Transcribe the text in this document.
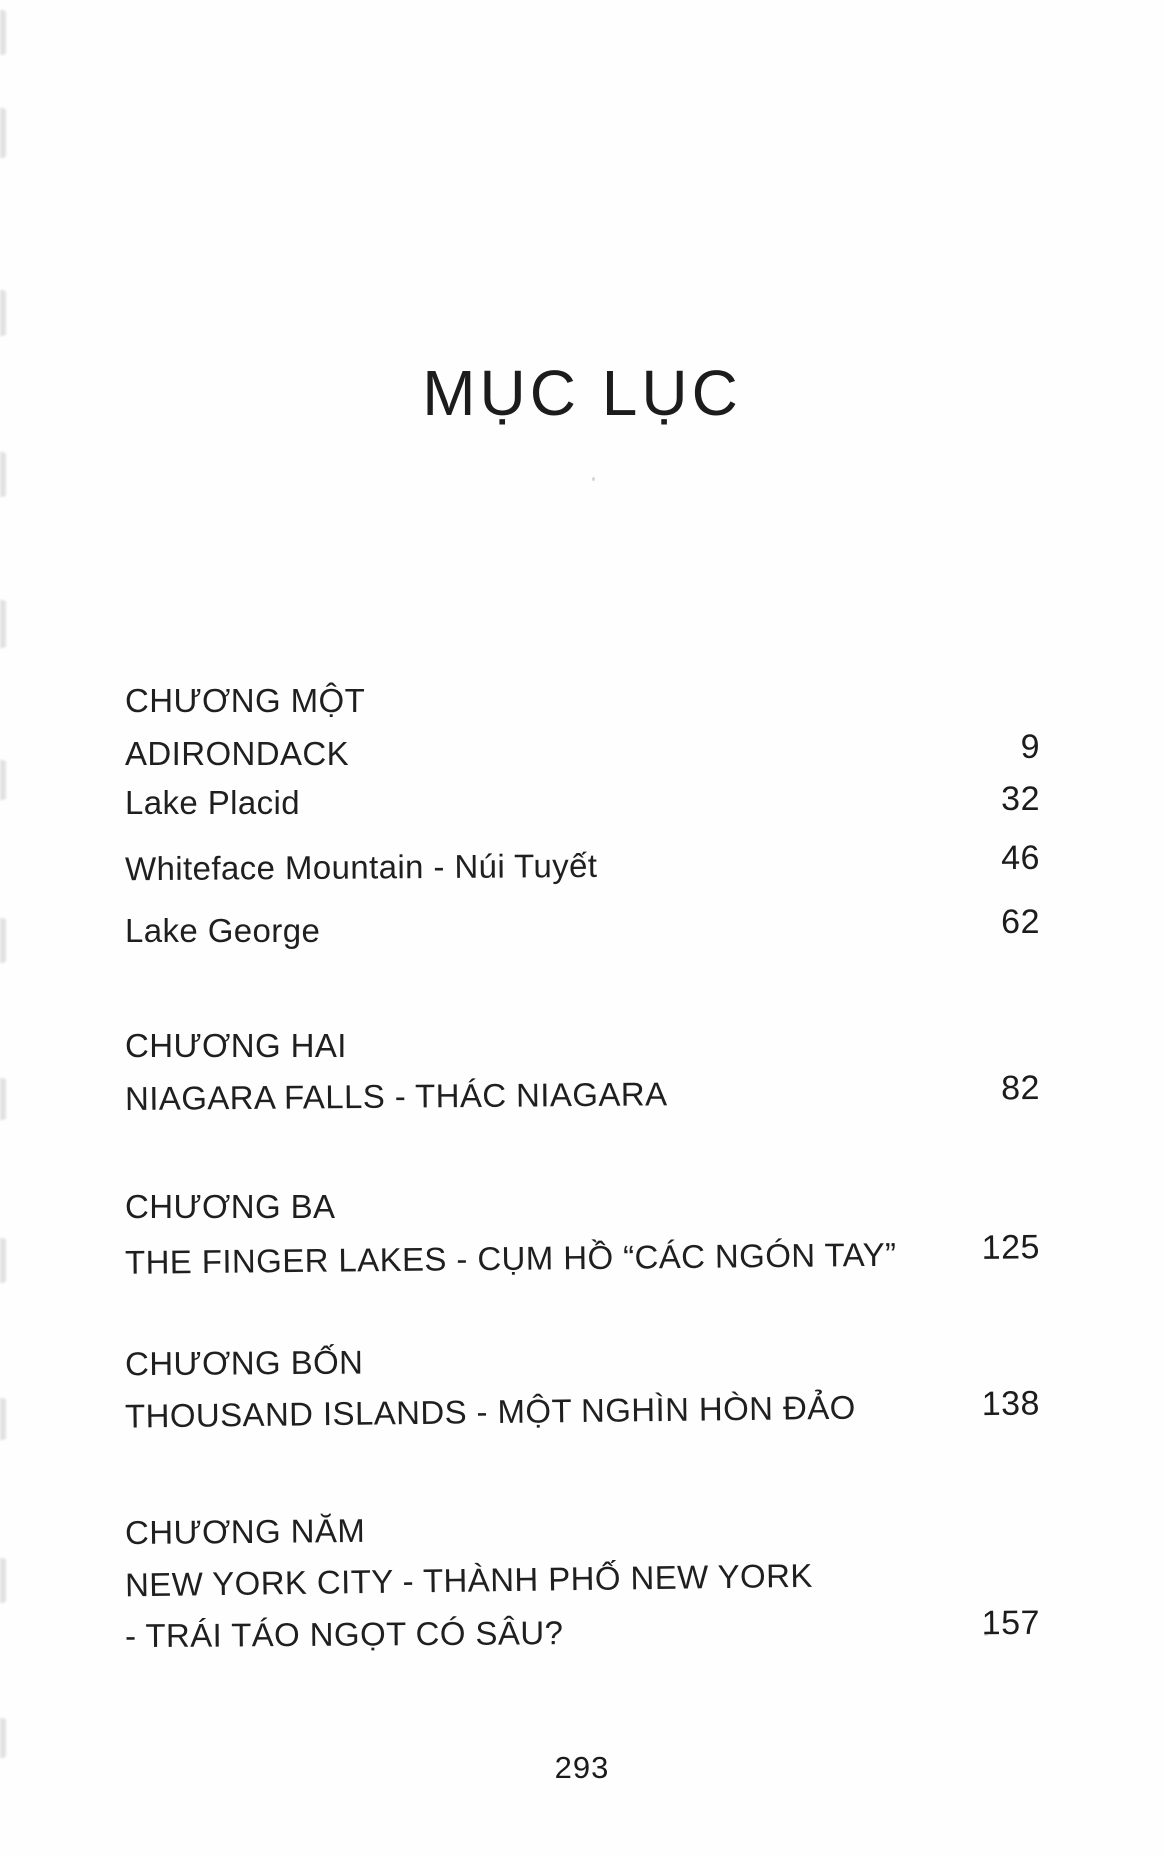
MỤC LỤC
CHƯƠNG MỘT
ADIRONDACK	9
Lake Placid	32
Whiteface Mountain - Núi Tuyết	46
Lake George	62
CHƯƠNG HAI
NIAGARA FALLS - THÁC NIAGARA	82
CHƯƠNG BA
THE FINGER LAKES - CỤM HỒ “CÁC NGÓN TAY” 125
CHƯƠNG BỐN
THOUSAND ISLANDS - MỘT NGHÌN HÒN ĐẢO	138
CHƯƠNG NĂM
NEW YORK CITY - THÀNH PHỐ NEW YORK
- TRÁI TÁO NGỌT CÓ SÂU?	157
293
